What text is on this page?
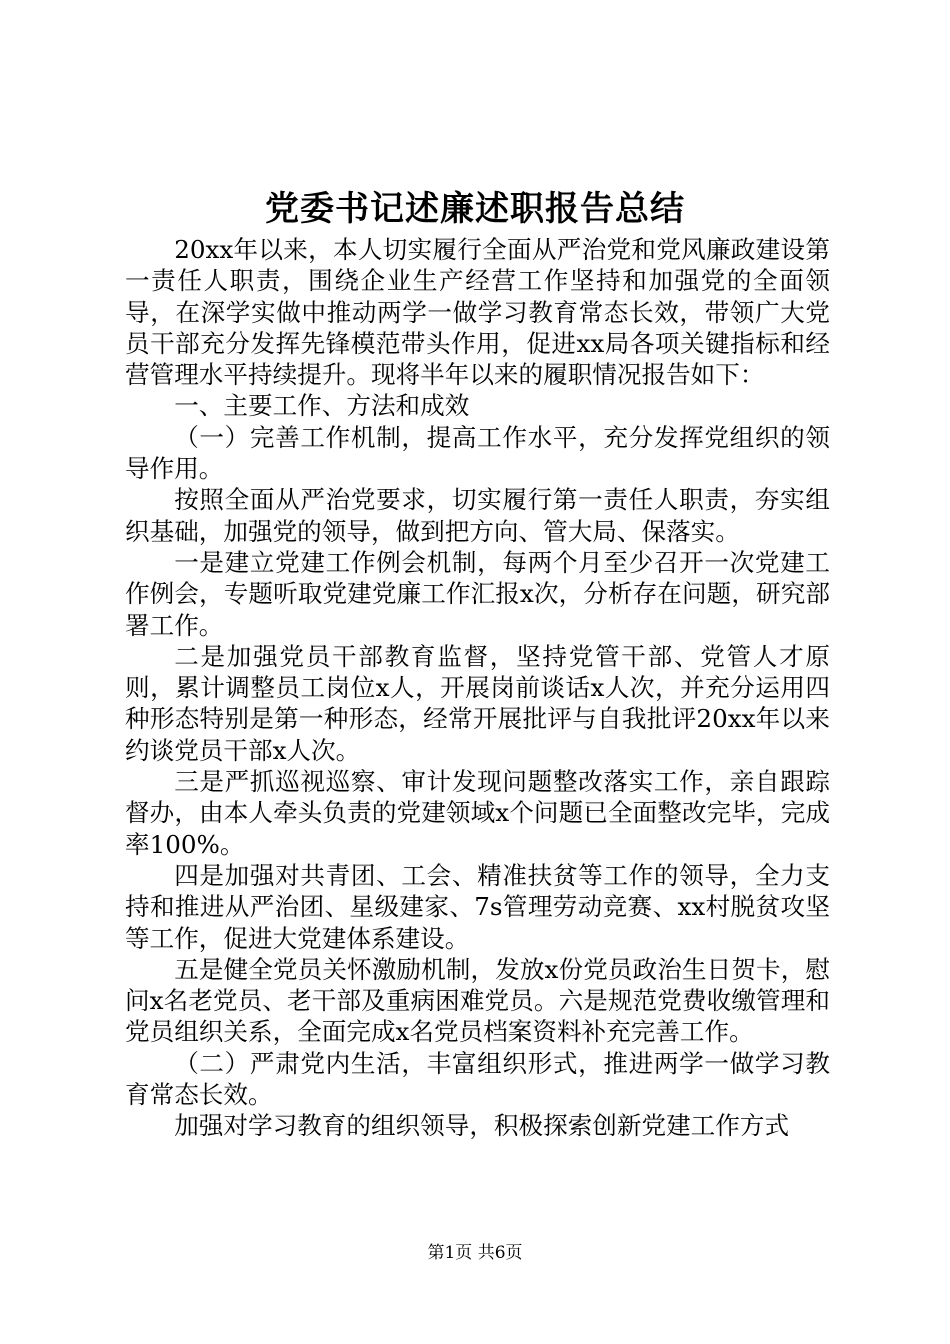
党委书记述廉述职报告总结

20xx年以来，本人切实履行全面从严治党和党风廉政建设第一责任人职责，围绕企业生产经营工作坚持和加强党的全面领导，在深学实做中推动两学一做学习教育常态长效，带领广大党员干部充分发挥先锋模范带头作用，促进xx局各项关键指标和经营管理水平持续提升。现将半年以来的履职情况报告如下：

一、主要工作、方法和成效

（一）完善工作机制，提高工作水平，充分发挥党组织的领导作用。

按照全面从严治党要求，切实履行第一责任人职责，夯实组织基础，加强党的领导，做到把方向、管大局、保落实。

一是建立党建工作例会机制，每两个月至少召开一次党建工作例会，专题听取党建党廉工作汇报x次，分析存在问题，研究部署工作。

二是加强党员干部教育监督，坚持党管干部、党管人才原则，累计调整员工岗位x人，开展岗前谈话x人次，并充分运用四种形态特别是第一种形态，经常开展批评与自我批评20xx年以来约谈党员干部x人次。

三是严抓巡视巡察、审计发现问题整改落实工作，亲自跟踪督办，由本人牵头负责的党建领域x个问题已全面整改完毕，完成率100%。

四是加强对共青团、工会、精准扶贫等工作的领导，全力支持和推进从严治团、星级建家、7s管理劳动竞赛、xx村脱贫攻坚等工作，促进大党建体系建设。

五是健全党员关怀激励机制，发放x份党员政治生日贺卡，慰问x名老党员、老干部及重病困难党员。六是规范党费收缴管理和党员组织关系，全面完成x名党员档案资料补充完善工作。

（二）严肃党内生活，丰富组织形式，推进两学一做学习教育常态长效。

加强对学习教育的组织领导，积极探索创新党建工作方式

第1页 共6页
